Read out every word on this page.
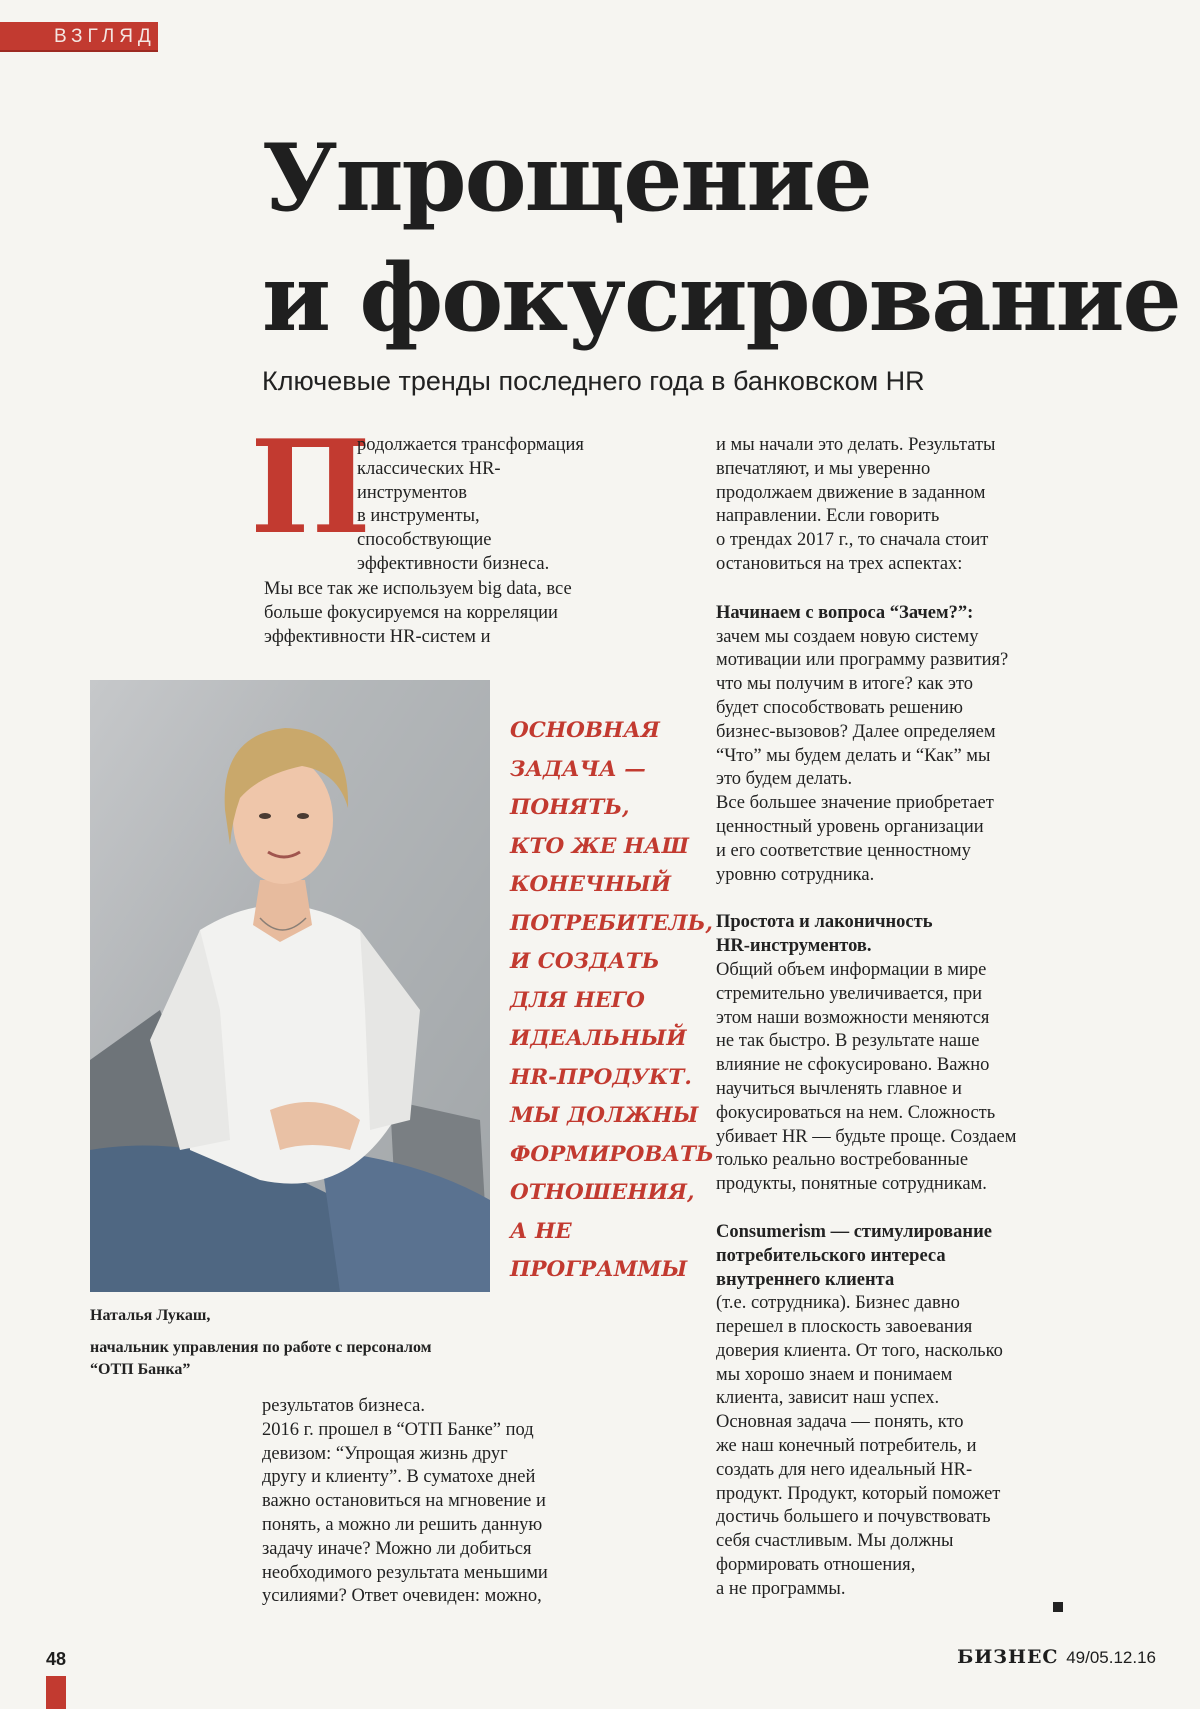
ВЗГЛЯД
Упрощение
и фокусирование
Ключевые тренды последнего года в банковском HR
П

родолжается трансформация

классических HR-

инструментов

в инструменты,

способствующие

эффективности бизнеса.

Мы все так же используем big data, все

больше фокусируемся на корреляции

эффективности HR-систем и

ОСНОВНАЯ
ЗАДАЧА —
ПОНЯТЬ,
КТО ЖЕ НАШ
КОНЕЧНЫЙ
ПОТРЕБИТЕЛЬ,
И СОЗДАТЬ
ДЛЯ НЕГО
ИДЕАЛЬНЫЙ
HR-ПРОДУКТ.
МЫ ДОЛЖНЫ
ФОРМИРОВАТЬ
ОТНОШЕНИЯ,
А НЕ
ПРОГРАММЫ
Наталья Лукаш,
начальник управления по работе с персоналом
“ОТП Банка”

результатов бизнеса.

2016 г. прошел в “ОТП Банке” под

девизом: “Упрощая жизнь друг

другу и клиенту”. В суматохе дней

важно остановиться на мгновение и

понять, а можно ли решить данную

задачу иначе? Можно ли добиться

необходимого результата меньшими

усилиями? Ответ очевиден: можно,

и мы начали это делать. Результаты

впечатляют, и мы уверенно

продолжаем движение в заданном

направлении. Если говорить

о трендах 2017 г., то сначала стоит

остановиться на трех аспектах:

Начинаем с вопроса “Зачем?”:

зачем мы создаем новую систему

мотивации или программу развития?

что мы получим в итоге? как это

будет способствовать решению

бизнес-вызовов? Далее определяем

“Что” мы будем делать и “Как” мы

это будем делать.

Все большее значение приобретает

ценностный уровень организации

и его соответствие ценностному

уровню сотрудника.

Простота и лаконичность

HR-инструментов.

Общий объем информации в мире

стремительно увеличивается, при

этом наши возможности меняются

не так быстро. В результате наше

влияние не сфокусировано. Важно

научиться вычленять главное и

фокусироваться на нем. Сложность

убивает HR — будьте проще. Создаем

только реально востребованные

продукты, понятные сотрудникам.

Consumerism — стимулирование

потребительского интереса

внутреннего клиента

(т.е. сотрудника). Бизнес давно

перешел в плоскость завоевания

доверия клиента. От того, насколько

мы хорошо знаем и понимаем

клиента, зависит наш успех.

Основная задача — понять, кто

же наш конечный потребитель, и

создать для него идеальный HR-

продукт. Продукт, который поможет

достичь большего и почувствовать

себя счастливым. Мы должны

формировать отношения,

а не программы.

48	БИЗНЕС 49/05.12.16
